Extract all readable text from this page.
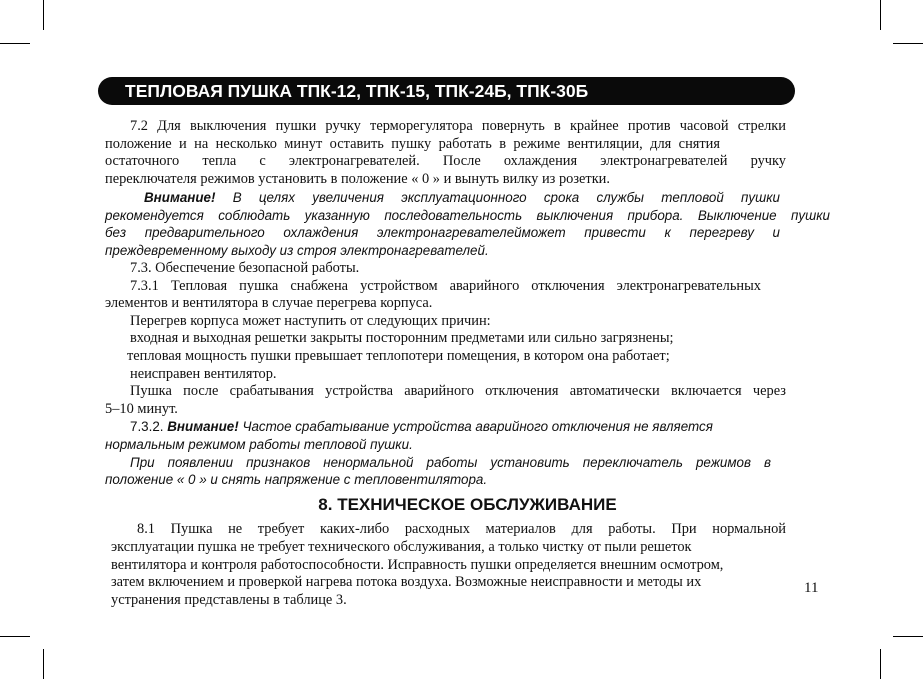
ТЕПЛОВАЯ ПУШКА ТПК-12, ТПК-15, ТПК-24Б, ТПК-30Б
7.2 Для выключения пушки ручку терморегулятора повернуть в крайнее против часовой стрелки
положение и на несколько минут оставить пушку работать в режиме вентиляции, для снятия
остаточного тепла с электронагревателей. После охлаждения электронагревателей ручку
переключателя режимов установить в положение « 0 » и вынуть вилку из розетки.
Внимание! В целях увеличения эксплуатационного срока службы тепловой пушки
рекомендуется соблюдать указанную последовательность выключения прибора. Выключение пушки
без предварительного охлаждения электронагревателейможет привести к перегреву и
преждевременному выходу из строя электронагревателей.
7.3. Обеспечение безопасной работы.
7.3.1 Тепловая пушка снабжена устройством аварийного отключения электронагревательных
элементов и вентилятора в случае перегрева корпуса.
Перегрев корпуса может наступить от следующих причин:
входная и выходная решетки закрыты посторонним предметами или сильно загрязнены;
тепловая мощность пушки превышает теплопотери помещения, в котором она работает;
неисправен вентилятор.
Пушка после срабатывания устройства аварийного отключения автоматически включается через
5–10 минут.
7.3.2. Внимание! Частое срабатывание устройства аварийного отключения не является
нормальным режимом работы тепловой пушки.
При появлении признаков ненормальной работы установить переключатель режимов в
положение « 0 » и снять напряжение с тепловентилятора.
8. ТЕХНИЧЕСКОЕ ОБСЛУЖИВАНИЕ
8.1 Пушка не требует каких-либо расходных материалов для работы. При нормальной
эксплуатации пушка не требует технического обслуживания, а только чистку от пыли решеток
вентилятора и контроля работоспособности. Исправность пушки определяется внешним осмотром,
затем включением и проверкой нагрева потока воздуха. Возможные неисправности и методы их
устранения представлены в таблице 3.
11
